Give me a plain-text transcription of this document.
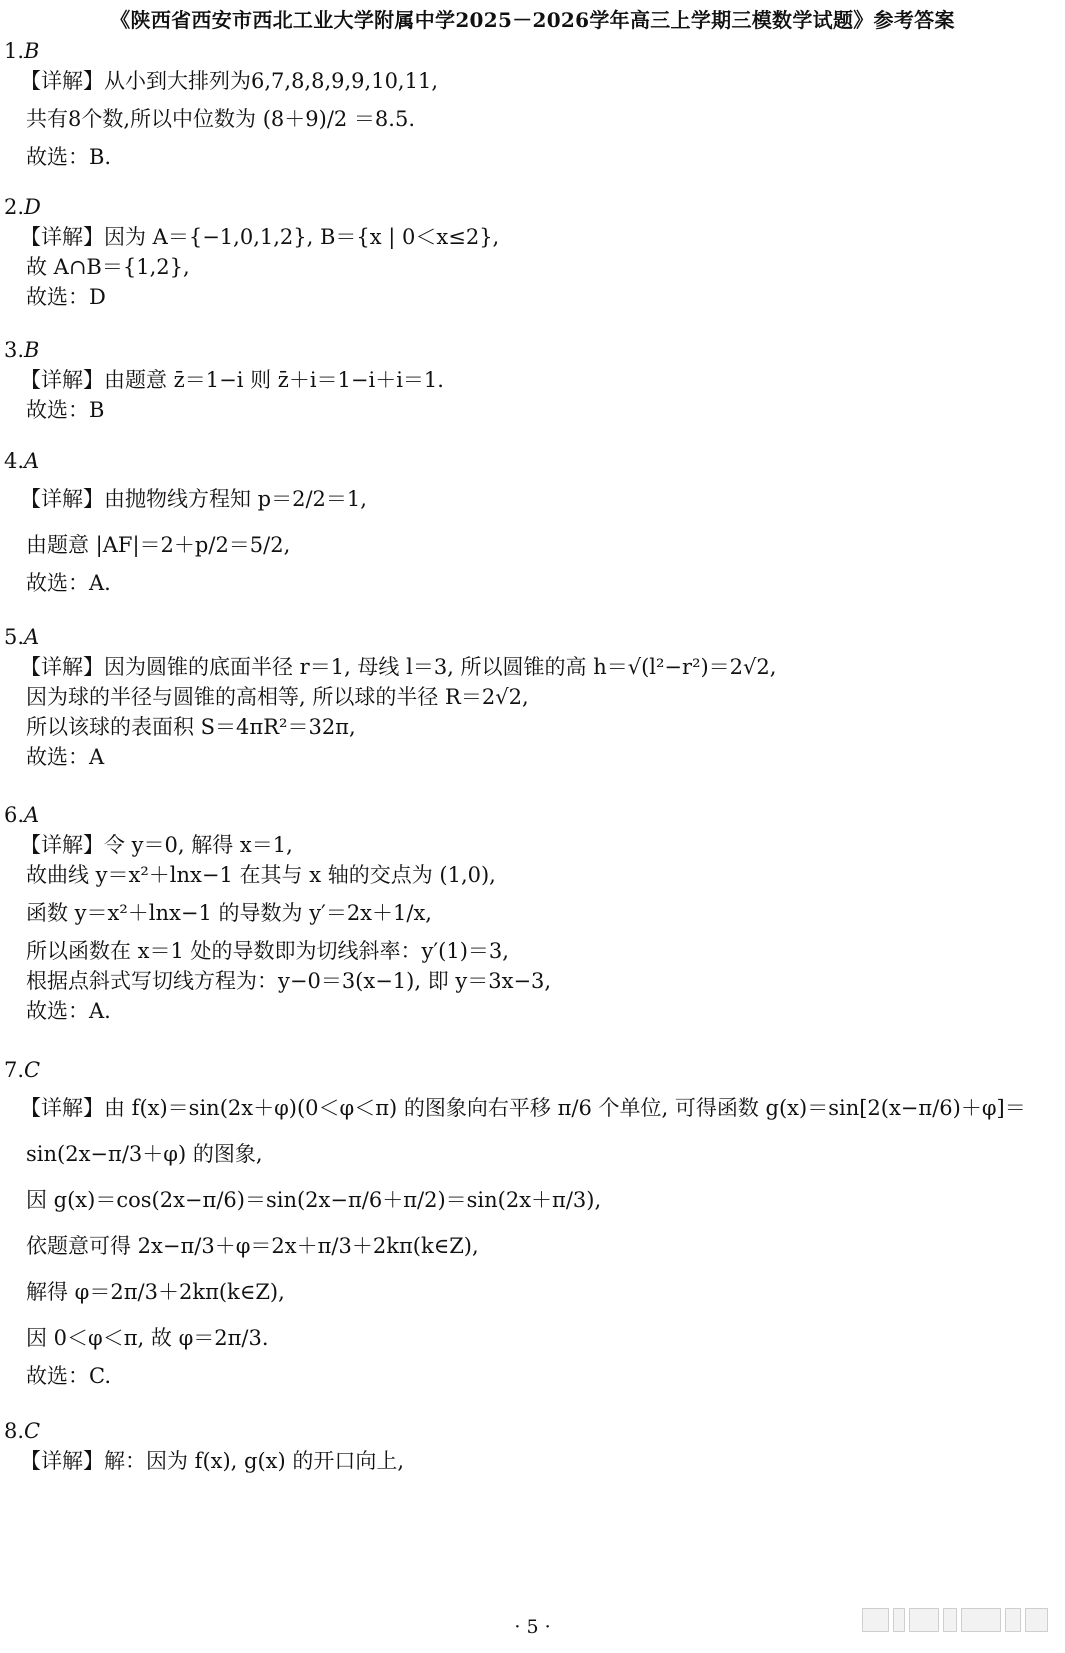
《陕西省西安市西北工业大学附属中学2025－2026学年高三上学期三模数学试题》参考答案
1.B
【详解】从小到大排列为6,7,8,8,9,9,10,11,
共有8个数,所以中位数为 (8＋9)/2 ＝8.5.
故选：B.
2.D
【详解】因为 A＝{−1,0,1,2}, B＝{x | 0＜x≤2},
故 A∩B＝{1,2},
故选：D
3.B
【详解】由题意 z̄＝1−i 则 z̄＋i＝1−i＋i＝1.
故选：B
4.A
【详解】由抛物线方程知 p＝2/2＝1,
由题意 |AF|＝2＋p/2＝5/2,
故选：A.
5.A
【详解】因为圆锥的底面半径 r＝1, 母线 l＝3, 所以圆锥的高 h＝√(l²−r²)＝2√2,
因为球的半径与圆锥的高相等, 所以球的半径 R＝2√2,
所以该球的表面积 S＝4πR²＝32π,
故选：A
6.A
【详解】令 y＝0, 解得 x＝1,
故曲线 y＝x²＋lnx−1 在其与 x 轴的交点为 (1,0),
函数 y＝x²＋lnx−1 的导数为 y′＝2x＋1/x,
所以函数在 x＝1 处的导数即为切线斜率：y′(1)＝3,
根据点斜式写切线方程为：y−0＝3(x−1), 即 y＝3x−3,
故选：A.
7.C
【详解】由 f(x)＝sin(2x＋φ)(0＜φ＜π) 的图象向右平移 π/6 个单位, 可得函数 g(x)＝sin[2(x−π/6)＋φ]＝
sin(2x−π/3＋φ) 的图象,
因 g(x)＝cos(2x−π/6)＝sin(2x−π/6＋π/2)＝sin(2x＋π/3),
依题意可得 2x−π/3＋φ＝2x＋π/3＋2kπ(k∈Z),
解得 φ＝2π/3＋2kπ(k∈Z),
因 0＜φ＜π, 故 φ＝2π/3.
故选：C.
8.C
【详解】解：因为 f(x), g(x) 的开口向上,
· 5 ·
